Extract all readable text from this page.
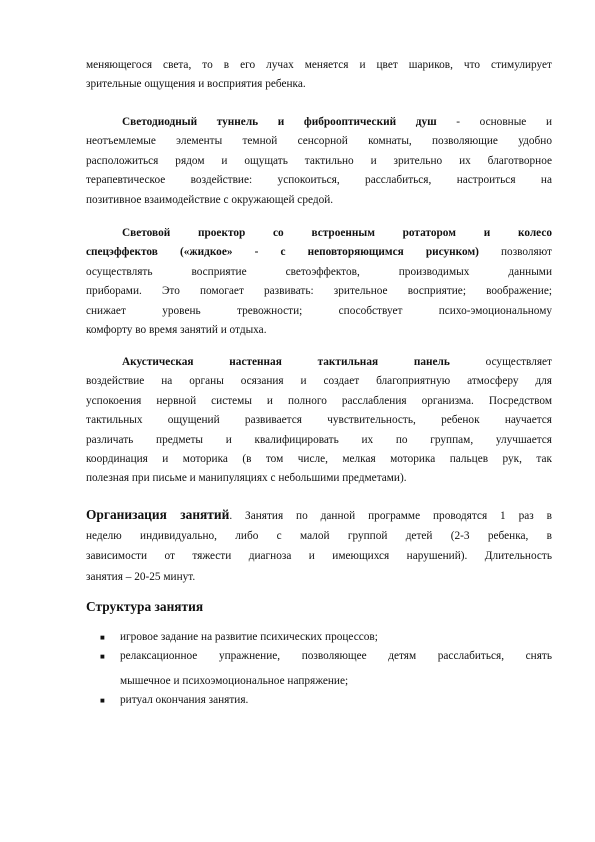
меняющегося света, то в его лучах меняется и цвет шариков, что стимулирует
зрительные ощущения и восприятия ребенка.
Светодиодный туннель и фиброоптический душ - основные и
неотъемлемые элементы темной сенсорной комнаты, позволяющие удобно
расположиться рядом и ощущать тактильно и зрительно их благотворное
терапевтическое воздействие: успокоиться, расслабиться, настроиться на
позитивное взаимодействие с окружающей средой.
Световой проектор со встроенным ротатором и колесо
спецэффектов («жидкое» - с неповторяющимся рисунком) позволяют
осуществлять восприятие светоэффектов, производимых данными
приборами. Это помогает развивать: зрительное восприятие; воображение;
снижает уровень тревожности; способствует психо-эмоциональному
комфорту во время занятий и отдыха.
Акустическая настенная тактильная панель осуществляет
воздействие на органы осязания и создает благоприятную атмосферу для
успокоения нервной системы и полного расслабления организма. Посредством
тактильных ощущений развивается чувствительность, ребенок научается
различать предметы и квалифицировать их по группам, улучшается
координация и моторика (в том числе, мелкая моторика пальцев рук, так
полезная при письме и манипуляциях с небольшими предметами).
Организация занятий. Занятия по данной программе проводятся 1 раз в
неделю индивидуально, либо с малой группой детей (2-3 ребенка, в
зависимости от тяжести диагноза и имеющихся нарушений). Длительность
занятия – 20-25 минут.
Структура занятия
■ игровое задание на развитие психических процессов;
■ релаксационное упражнение, позволяющее детям расслабиться, снять
мышечное и психоэмоциональное напряжение;
■ ритуал окончания занятия.
